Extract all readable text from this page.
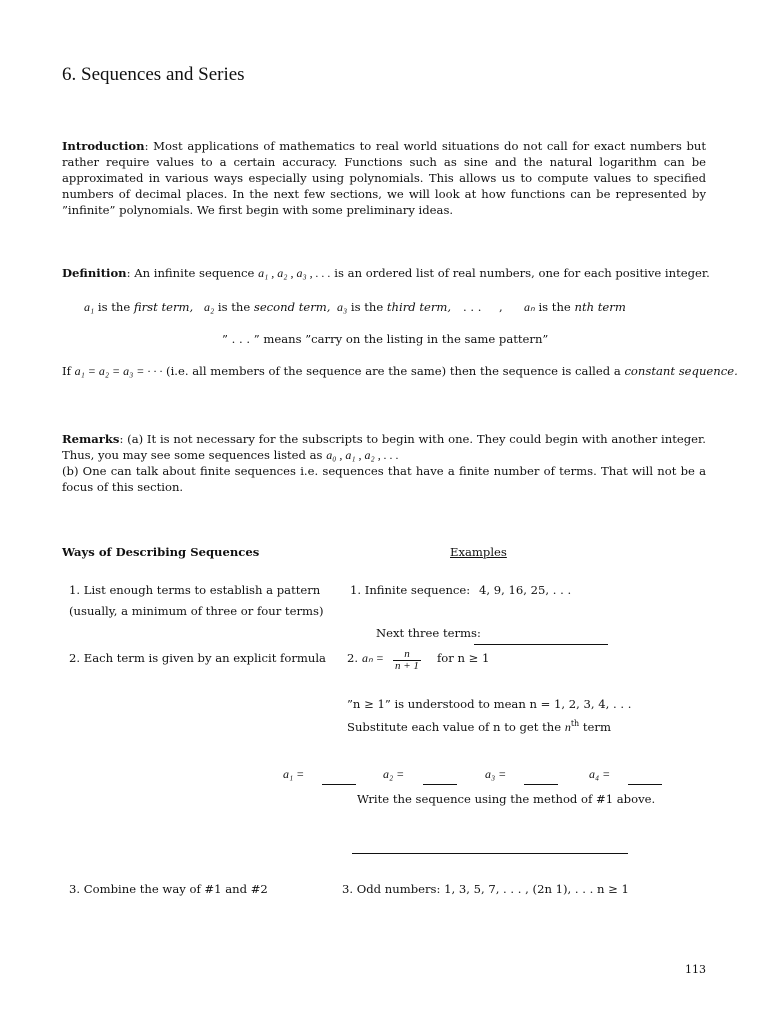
6. Sequences and Series
Introduction: Most applications of mathematics to real world situations do not call for exact numbers but rather require values to a certain accuracy. Functions such as sine and the natural logarithm can be approximated in various ways especially using polynomials. This allows us to compute values to specified numbers of decimal places. In the next few sections, we will look at how functions can be represented by ”infinite” polynomials. We first begin with some preliminary ideas.
Definition: An infinite sequence a₁ , a₂ , a₃ , . . . is an ordered list of real numbers, one for each positive integer.
a₁ is the first term, a₂ is the second term, a₃ is the third term, . . . , aₙ is the nth term
” . . . ” means ”carry on the listing in the same pattern”
If a₁ = a₂ = a₃ = · · · (i.e. all members of the sequence are the same) then the sequence is called a constant sequence.
Remarks: (a) It is not necessary for the subscripts to begin with one. They could begin with another integer. Thus, you may see some sequences listed as a₀ , a₁ , a₂ , . . .
(b) One can talk about finite sequences i.e. sequences that have a finite number of terms. That will not be a focus of this section.
Ways of Describing Sequences	Examples
1. List enough terms to establish a pattern
(usually, a minimum of three or four terms)
1. Infinite sequence: 4, 9, 16, 25, . . .
Next three terms:
2. Each term is given by an explicit formula 2. $a_n = \frac{n}{n + 1}$ for n ≥ 1
”n ≥ 1” is understood to mean n = 1, 2, 3, 4, . . .
Substitute each value of n to get the $n^{th}$ term
a₁ =	a₂ =	a₃ =	a₄ =
Write the sequence using the method of #1 above.
3. Combine the way of #1 and #2	3. Odd numbers: 1, 3, 5, 7, . . . , (2n 1), . . . n ≥ 1
113
